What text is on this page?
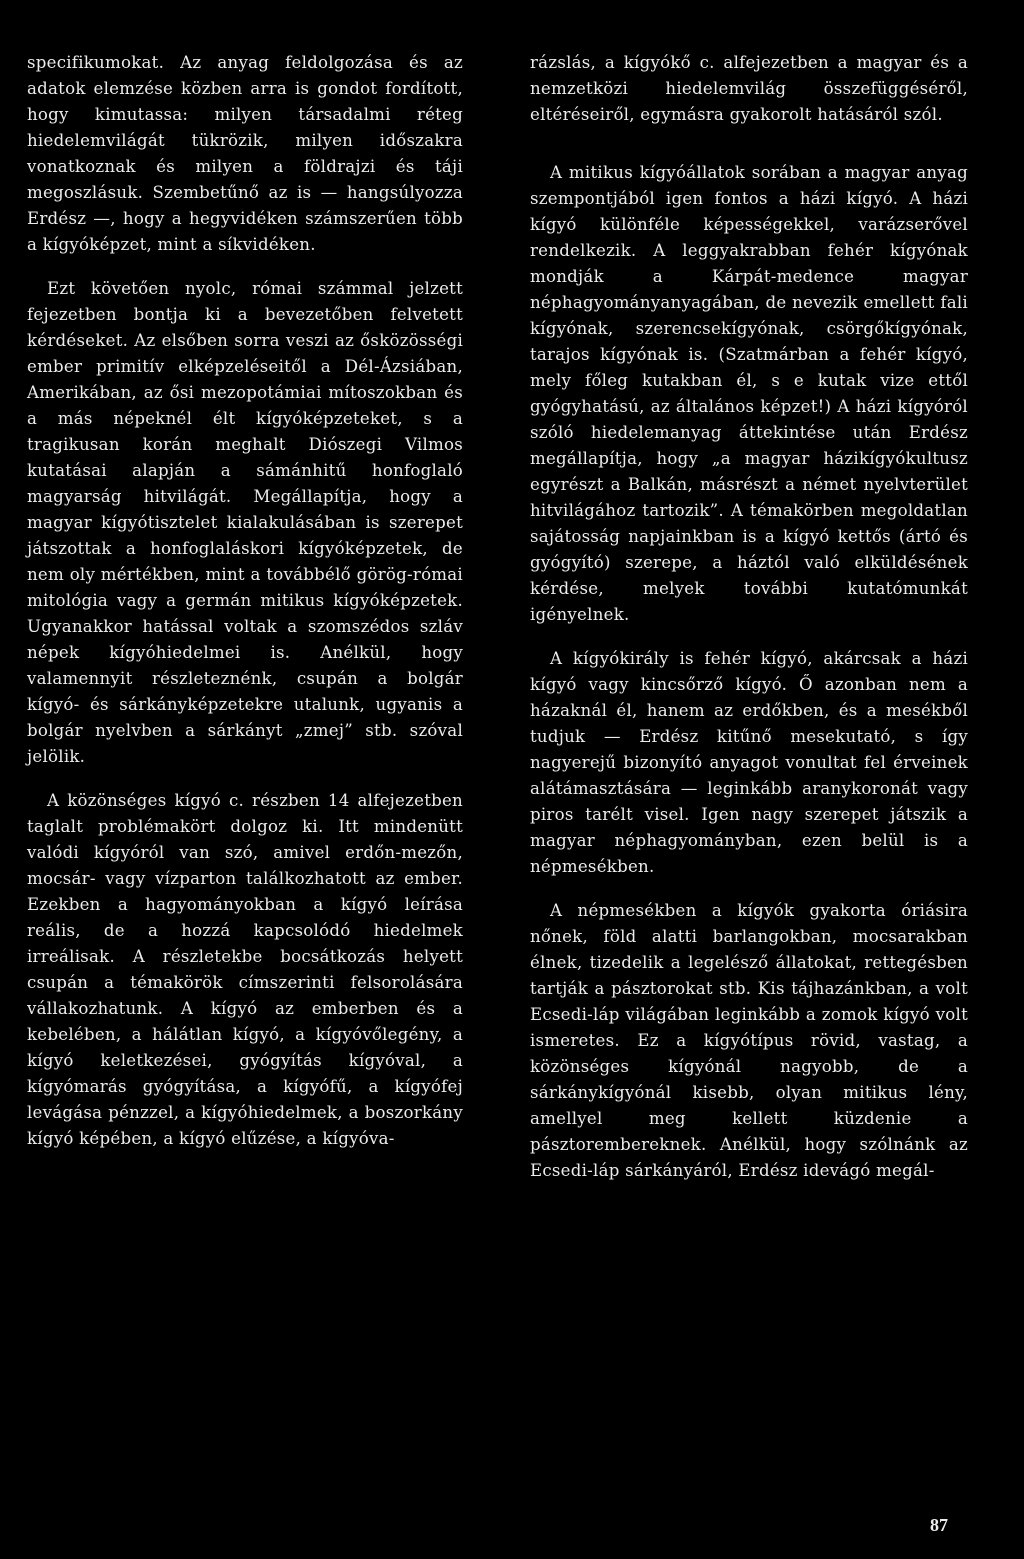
specifikumokat. Az anyag feldolgozása és az adatok elemzése közben arra is gondot fordított, hogy kimutassa: milyen társadalmi réteg hiedelemvilágát tükrözik, milyen időszakra vonatkoznak és milyen a földrajzi és táji megoszlásuk. Szembetűnő az is — hangsúlyozza Erdész —, hogy a hegyvidéken számszerűen több a kígyóképzet, mint a síkvidéken.

Ezt követően nyolc, római számmal jelzett fejezetben bontja ki a bevezetőben felvetett kérdéseket. Az elsőben sorra veszi az ősközösségi ember primitív elképzeléseitől a Dél-Ázsiában, Amerikában, az ősi mezopotámiai mítoszokban és a más népeknél élt kígyóképzeteket, s a tragikusan korán meghalt Diószegi Vilmos kutatásai alapján a sámánhitű honfoglaló magyarság hitvilágát. Megállapítja, hogy a magyar kígyótisztelet kialakulásában is szerepet játszottak a honfoglaláskori kígyóképzetek, de nem oly mértékben, mint a továbbélő görög-római mitológia vagy a germán mitikus kígyóképzetek. Ugyanakkor hatással voltak a szomszédos szláv népek kígyóhiedelmei is. Anélkül, hogy valamennyit részleteznénk, csupán a bolgár kígyó- és sárkányképzetekre utalunk, ugyanis a bolgár nyelvben a sárkányt „zmej” stb. szóval jelölik.

A közönséges kígyó c. részben 14 alfejezetben taglalt problémakört dolgoz ki. Itt mindenütt valódi kígyóról van szó, amivel erdőn-mezőn, mocsár- vagy vízparton találkozhatott az ember. Ezekben a hagyományokban a kígyó leírása reális, de a hozzá kapcsolódó hiedelmek irreálisak. A részletekbe bocsátkozás helyett csupán a témakörök címszerinti felsorolására vállakozhatunk. A kígyó az emberben és a kebelében, a hálátlan kígyó, a kígyóvőlegény, a kígyó keletkezései, gyógyítás kígyóval, a kígyómarás gyógyítása, a kígyófű, a kígyófej levágása pénzzel, a kígyóhiedelmek, a boszorkány kígyó képében, a kígyó elűzése, a kígyóva-

rázslás, a kígyókő c. alfejezetben a magyar és a nemzetközi hiedelemvilág összefüggéséről, eltéréseiről, egymásra gyakorolt hatásáról szól.

A mitikus kígyóállatok sorában a magyar anyag szempontjából igen fontos a házi kígyó. A házi kígyó különféle képességekkel, varázserővel rendelkezik. A leggyakrabban fehér kígyónak mondják a Kárpát-medence magyar néphagyományanyagában, de nevezik emellett fali kígyónak, szerencsekígyónak, csörgőkígyónak, tarajos kígyónak is. (Szatmárban a fehér kígyó, mely főleg kutakban él, s e kutak vize ettől gyógyhatású, az általános képzet!) A házi kígyóról szóló hiedelemanyag áttekintése után Erdész megállapítja, hogy „a magyar házikígyókultusz egyrészt a Balkán, másrészt a német nyelvterület hitvilágához tartozik”. A témakörben megoldatlan sajátosság napjainkban is a kígyó kettős (ártó és gyógyító) szerepe, a háztól való elküldésének kérdése, melyek további kutatómunkát igényelnek.

A kígyókirály is fehér kígyó, akárcsak a házi kígyó vagy kincsőrző kígyó. Ő azonban nem a házaknál él, hanem az erdőkben, és a mesékből tudjuk — Erdész kitűnő mesekutató, s így nagyerejű bizonyító anyagot vonultat fel érveinek alátámasztására — leginkább aranykoronát vagy piros tarélt visel. Igen nagy szerepet játszik a magyar néphagyományban, ezen belül is a népmesékben.

A népmesékben a kígyók gyakorta óriásira nőnek, föld alatti barlangokban, mocsarakban élnek, tizedelik a legelésző állatokat, rettegésben tartják a pásztorokat stb. Kis tájhazánkban, a volt Ecsedi-láp világában leginkább a zomok kígyó volt ismeretes. Ez a kígyótípus rövid, vastag, a közönséges kígyónál nagyobb, de a sárkánykígyónál kisebb, olyan mitikus lény, amellyel meg kellett küzdenie a pásztorembereknek. Anélkül, hogy szólnánk az Ecsedi-láp sárkányáról, Erdész idevágó megál-

87
